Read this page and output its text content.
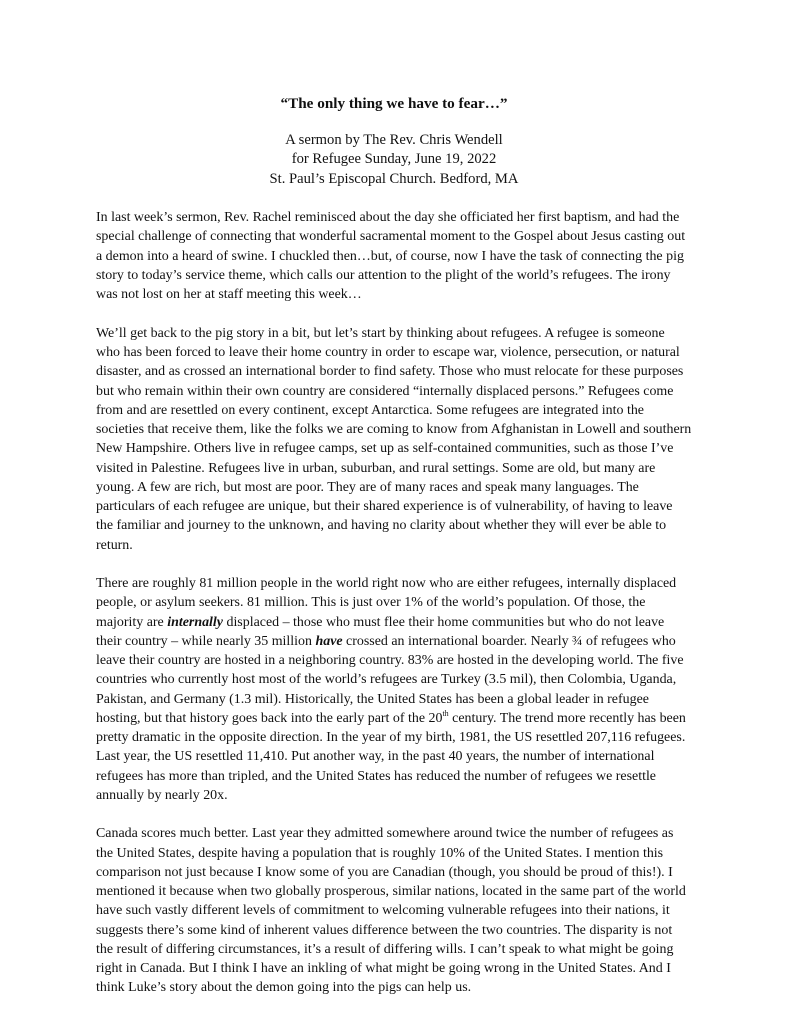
“The only thing we have to fear…”
A sermon by The Rev. Chris Wendell
for Refugee Sunday, June 19, 2022
St. Paul’s Episcopal Church. Bedford, MA

In last week’s sermon, Rev. Rachel reminisced about the day she officiated her first baptism, and had the special challenge of connecting that wonderful sacramental moment to the Gospel about Jesus casting out a demon into a heard of swine. I chuckled then…but, of course, now I have the task of connecting the pig story to today’s service theme, which calls our attention to the plight of the world’s refugees. The irony was not lost on her at staff meeting this week…

We’ll get back to the pig story in a bit, but let’s start by thinking about refugees. A refugee is someone who has been forced to leave their home country in order to escape war, violence, persecution, or natural disaster, and as crossed an international border to find safety. Those who must relocate for these purposes but who remain within their own country are considered “internally displaced persons.” Refugees come from and are resettled on every continent, except Antarctica. Some refugees are integrated into the societies that receive them, like the folks we are coming to know from Afghanistan in Lowell and southern New Hampshire. Others live in refugee camps, set up as self-contained communities, such as those I’ve visited in Palestine. Refugees live in urban, suburban, and rural settings. Some are old, but many are young. A few are rich, but most are poor. They are of many races and speak many languages. The particulars of each refugee are unique, but their shared experience is of vulnerability, of having to leave the familiar and journey to the unknown, and having no clarity about whether they will ever be able to return.

There are roughly 81 million people in the world right now who are either refugees, internally displaced people, or asylum seekers. 81 million. This is just over 1% of the world’s population. Of those, the majority are internally displaced – those who must flee their home communities but who do not leave their country – while nearly 35 million have crossed an international boarder. Nearly ¾ of refugees who leave their country are hosted in a neighboring country. 83% are hosted in the developing world. The five countries who currently host most of the world’s refugees are Turkey (3.5 mil), then Colombia, Uganda, Pakistan, and Germany (1.3 mil). Historically, the United States has been a global leader in refugee hosting, but that history goes back into the early part of the 20th century. The trend more recently has been pretty dramatic in the opposite direction. In the year of my birth, 1981, the US resettled 207,116 refugees. Last year, the US resettled 11,410. Put another way, in the past 40 years, the number of international refugees has more than tripled, and the United States has reduced the number of refugees we resettle annually by nearly 20x.

Canada scores much better. Last year they admitted somewhere around twice the number of refugees as the United States, despite having a population that is roughly 10% of the United States. I mention this comparison not just because I know some of you are Canadian (though, you should be proud of this!). I mentioned it because when two globally prosperous, similar nations, located in the same part of the world have such vastly different levels of commitment to welcoming vulnerable refugees into their nations, it suggests there’s some kind of inherent values difference between the two countries. The disparity is not the result of differing circumstances, it’s a result of differing wills. I can’t speak to what might be going right in Canada. But I think I have an inkling of what might be going wrong in the United States. And I think Luke’s story about the demon going into the pigs can help us.
